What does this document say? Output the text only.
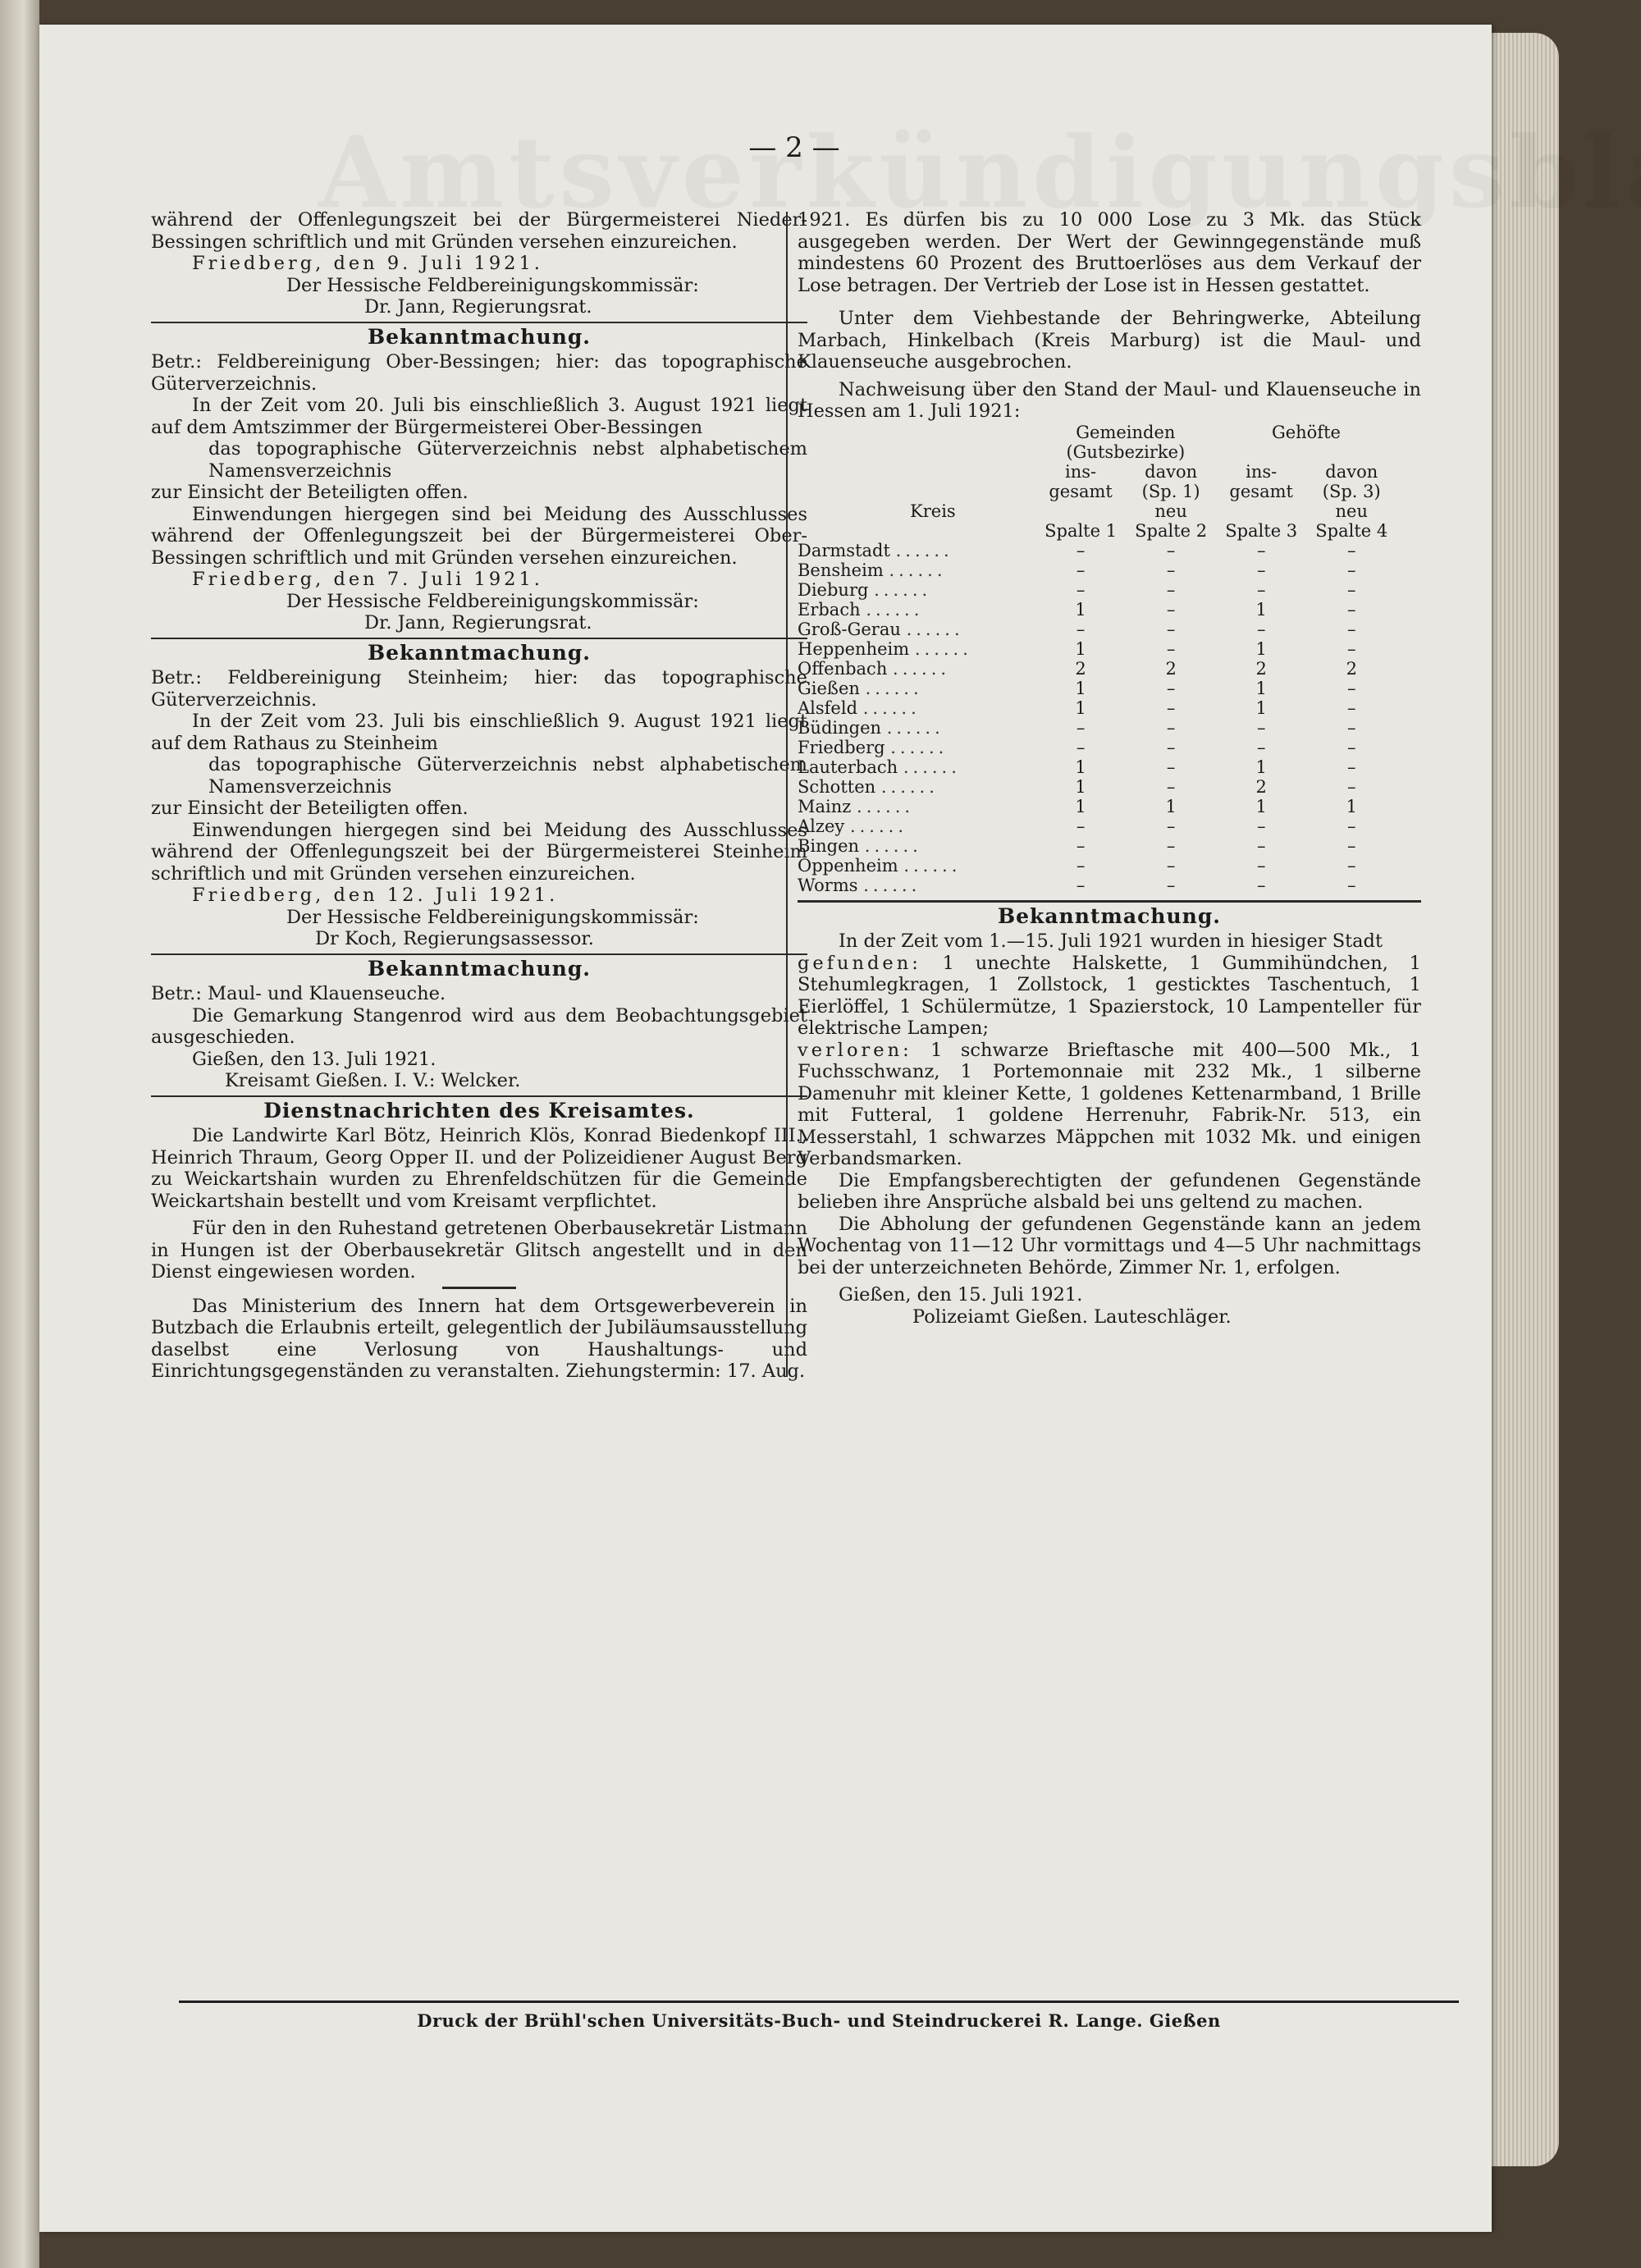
— 2 —

während der Offenlegungszeit bei der Bürgermeisterei Nieder-Bessingen schriftlich und mit Gründen versehen einzureichen.

Friedberg, den 9. Juli 1921.

Der Hessische Feldbereinigungskommissär:

Dr. Jann, Regierungsrat.

Bekanntmachung.

Betr.: Feldbereinigung Ober-Bessingen; hier: das topographische Güterverzeichnis.

In der Zeit vom 20. Juli bis einschließlich 3. August 1921 liegt auf dem Amtszimmer der Bürgermeisterei Ober-Bessingen

das topographische Güterverzeichnis nebst alphabetischem Namensverzeichnis

zur Einsicht der Beteiligten offen.

Einwendungen hiergegen sind bei Meidung des Ausschlusses während der Offenlegungszeit bei der Bürgermeisterei Ober-Bessingen schriftlich und mit Gründen versehen einzureichen.

Friedberg, den 7. Juli 1921.

Der Hessische Feldbereinigungskommissär:

Dr. Jann, Regierungsrat.

Bekanntmachung.

Betr.: Feldbereinigung Steinheim; hier: das topographische Güterverzeichnis.

In der Zeit vom 23. Juli bis einschließlich 9. August 1921 liegt auf dem Rathaus zu Steinheim

das topographische Güterverzeichnis nebst alphabetischem Namensverzeichnis

zur Einsicht der Beteiligten offen.

Einwendungen hiergegen sind bei Meidung des Ausschlusses während der Offenlegungszeit bei der Bürgermeisterei Steinheim schriftlich und mit Gründen versehen einzureichen.

Friedberg, den 12. Juli 1921.

Der Hessische Feldbereinigungskommissär:

Dr Koch, Regierungsassessor.

Bekanntmachung.

Betr.: Maul- und Klauenseuche.

Die Gemarkung Stangenrod wird aus dem Beobachtungsgebiet ausgeschieden.

Gießen, den 13. Juli 1921.

Kreisamt Gießen. I. V.: Welcker.

Dienstnachrichten des Kreisamtes.

Die Landwirte Karl Bötz, Heinrich Klös, Konrad Biedenkopf III., Heinrich Thraum, Georg Opper II. und der Polizeidiener August Berg zu Weickartshain wurden zu Ehrenfeldschützen für die Gemeinde Weickartshain bestellt und vom Kreisamt verpflichtet.

Für den in den Ruhestand getretenen Oberbausekretär Listmann in Hungen ist der Oberbausekretär Glitsch angestellt und in den Dienst eingewiesen worden.

Das Ministerium des Innern hat dem Ortsgewerbeverein in Butzbach die Erlaubnis erteilt, gelegentlich der Jubiläumsausstellung daselbst eine Verlosung von Haushaltungs- und Einrichtungsgegenständen zu veranstalten. Ziehungstermin: 17. Aug.

1921. Es dürfen bis zu 10 000 Lose zu 3 Mk. das Stück ausgegeben werden. Der Wert der Gewinngegenstände muß mindestens 60 Prozent des Bruttoerlöses aus dem Verkauf der Lose betragen. Der Vertrieb der Lose ist in Hessen gestattet.

Unter dem Viehbestande der Behringwerke, Abteilung Marbach, Hinkelbach (Kreis Marburg) ist die Maul- und Klauenseuche ausgebrochen.

Nachweisung über den Stand der Maul- und Klauenseuche in Hessen am 1. Juli 1921:

	Gemeinden		Gehöfte	
	(Gutsbezirke)			
	ins-	davon	ins-	davon
	gesamt	(Sp. 1)	gesamt	(Sp. 3)
Kreis		neu		neu
	Spalte 1	Spalte 2	Spalte 3	Spalte 4
Darmstadt ......	–	–	–	–
Bensheim ......	–	–	–	–
Dieburg ......	–	–	–	–
Erbach ......	1	–	1	–
Groß-Gerau ......	–	–	–	–
Heppenheim ......	1	–	1	–
Offenbach ......	2	2	2	2
Gießen ......	1	–	1	–
Alsfeld ......	1	–	1	–
Büdingen ......	–	–	–	–
Friedberg ......	–	–	–	–
Lauterbach ......	1	–	1	–
Schotten ......	1	–	2	–
Mainz ......	1	1	1	1
Alzey ......	–	–	–	–
Bingen ......	–	–	–	–
Oppenheim ......	–	–	–	–
Worms ......	–	–	–	–
Bekanntmachung.

In der Zeit vom 1.—15. Juli 1921 wurden in hiesiger Stadt

gefunden: 1 unechte Halskette, 1 Gummihündchen, 1 Stehumlegkragen, 1 Zollstock, 1 gesticktes Taschentuch, 1 Eierlöffel, 1 Schülermütze, 1 Spazierstock, 10 Lampenteller für elektrische Lampen;

verloren: 1 schwarze Brieftasche mit 400—500 Mk., 1 Fuchsschwanz, 1 Portemonnaie mit 232 Mk., 1 silberne Damenuhr mit kleiner Kette, 1 goldenes Kettenarmband, 1 Brille mit Futteral, 1 goldene Herrenuhr, Fabrik-Nr. 513, ein Messerstahl, 1 schwarzes Mäppchen mit 1032 Mk. und einigen Verbandsmarken.

Die Empfangsberechtigten der gefundenen Gegenstände belieben ihre Ansprüche alsbald bei uns geltend zu machen.

Die Abholung der gefundenen Gegenstände kann an jedem Wochentag von 11—12 Uhr vormittags und 4—5 Uhr nachmittags bei der unterzeichneten Behörde, Zimmer Nr. 1, erfolgen.

Gießen, den 15. Juli 1921.

Polizeiamt Gießen. Lauteschläger.

Druck der Brühl'schen Universitäts-Buch- und Steindruckerei R. Lange. Gießen
